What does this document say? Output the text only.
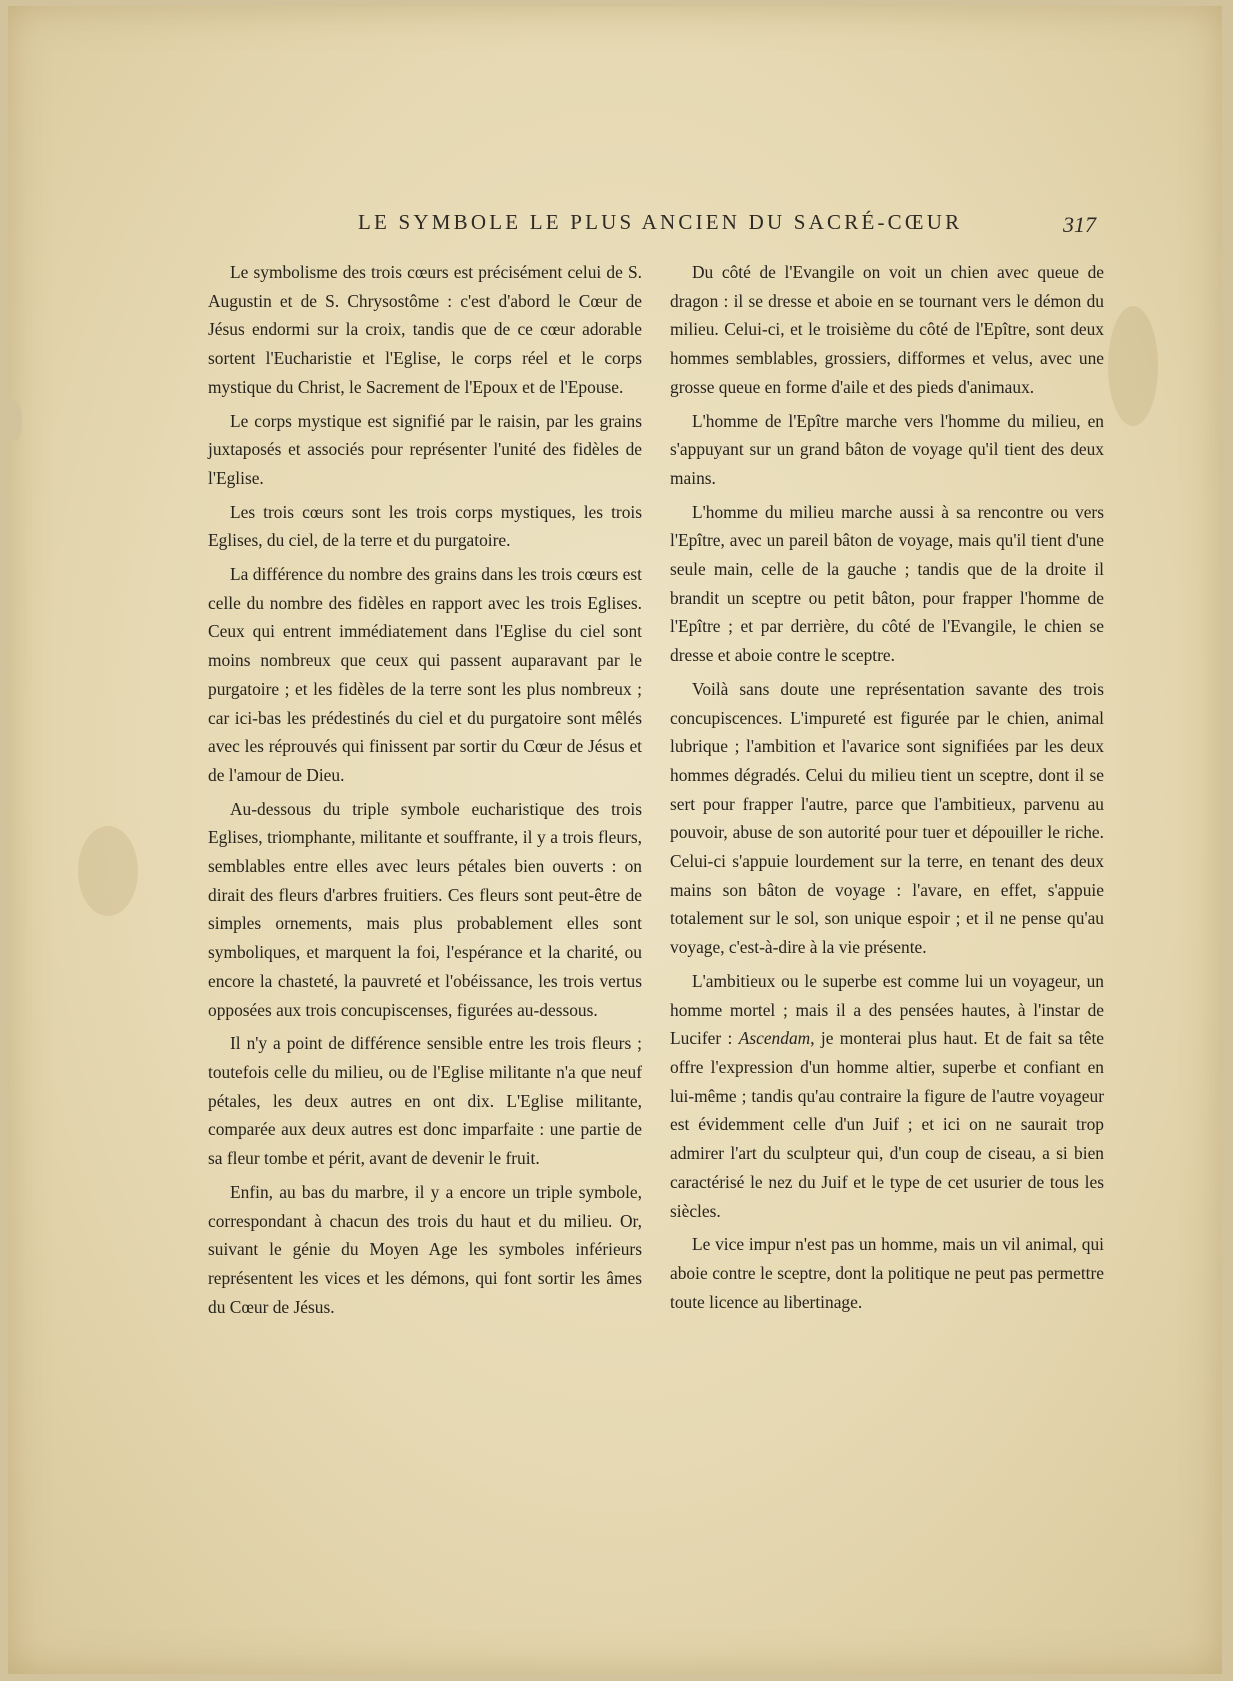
LE SYMBOLE LE PLUS ANCIEN DU SACRÉ-CŒUR	317

Le symbolisme des trois cœurs est précisément celui de S. Augustin et de S. Chrysostôme : c'est d'abord le Cœur de Jésus endormi sur la croix, tandis que de ce cœur adorable sortent l'Eucharistie et l'Eglise, le corps réel et le corps mystique du Christ, le Sacrement de l'Epoux et de l'Epouse.

Le corps mystique est signifié par le raisin, par les grains juxtaposés et associés pour représenter l'unité des fidèles de l'Eglise.

Les trois cœurs sont les trois corps mystiques, les trois Eglises, du ciel, de la terre et du purgatoire.

La différence du nombre des grains dans les trois cœurs est celle du nombre des fidèles en rapport avec les trois Eglises. Ceux qui entrent immédiatement dans l'Eglise du ciel sont moins nombreux que ceux qui passent auparavant par le purgatoire ; et les fidèles de la terre sont les plus nombreux ; car ici-bas les prédestinés du ciel et du purgatoire sont mêlés avec les réprouvés qui finissent par sortir du Cœur de Jésus et de l'amour de Dieu.

Au-dessous du triple symbole eucharistique des trois Eglises, triomphante, militante et souffrante, il y a trois fleurs, semblables entre elles avec leurs pétales bien ouverts : on dirait des fleurs d'arbres fruitiers. Ces fleurs sont peut-être de simples ornements, mais plus probablement elles sont symboliques, et marquent la foi, l'espérance et la charité, ou encore la chasteté, la pauvreté et l'obéissance, les trois vertus opposées aux trois concupiscenses, figurées au-dessous.

Il n'y a point de différence sensible entre les trois fleurs ; toutefois celle du milieu, ou de l'Eglise militante n'a que neuf pétales, les deux autres en ont dix. L'Eglise militante, comparée aux deux autres est donc imparfaite : une partie de sa fleur tombe et périt, avant de devenir le fruit.

Enfin, au bas du marbre, il y a encore un triple symbole, correspondant à chacun des trois du haut et du milieu. Or, suivant le génie du Moyen Age les symboles inférieurs représentent les vices et les démons, qui font sortir les âmes du Cœur de Jésus.

Du côté de l'Evangile on voit un chien avec queue de dragon : il se dresse et aboie en se tournant vers le démon du milieu. Celui-ci, et le troisième du côté de l'Epître, sont deux hommes semblables, grossiers, difformes et velus, avec une grosse queue en forme d'aile et des pieds d'animaux.

L'homme de l'Epître marche vers l'homme du milieu, en s'appuyant sur un grand bâton de voyage qu'il tient des deux mains.

L'homme du milieu marche aussi à sa rencontre ou vers l'Epître, avec un pareil bâton de voyage, mais qu'il tient d'une seule main, celle de la gauche ; tandis que de la droite il brandit un sceptre ou petit bâton, pour frapper l'homme de l'Epître ; et par derrière, du côté de l'Evangile, le chien se dresse et aboie contre le sceptre.

Voilà sans doute une représentation savante des trois concupiscences. L'impureté est figurée par le chien, animal lubrique ; l'ambition et l'avarice sont signifiées par les deux hommes dégradés. Celui du milieu tient un sceptre, dont il se sert pour frapper l'autre, parce que l'ambitieux, parvenu au pouvoir, abuse de son autorité pour tuer et dépouiller le riche. Celui-ci s'appuie lourdement sur la terre, en tenant des deux mains son bâton de voyage : l'avare, en effet, s'appuie totalement sur le sol, son unique espoir ; et il ne pense qu'au voyage, c'est-à-dire à la vie présente.

L'ambitieux ou le superbe est comme lui un voyageur, un homme mortel ; mais il a des pensées hautes, à l'instar de Lucifer : Ascendam, je monterai plus haut. Et de fait sa tête offre l'expression d'un homme altier, superbe et confiant en lui-même ; tandis qu'au contraire la figure de l'autre voyageur est évidemment celle d'un Juif ; et ici on ne saurait trop admirer l'art du sculpteur qui, d'un coup de ciseau, a si bien caractérisé le nez du Juif et le type de cet usurier de tous les siècles.

Le vice impur n'est pas un homme, mais un vil animal, qui aboie contre le sceptre, dont la politique ne peut pas permettre toute licence au libertinage.
